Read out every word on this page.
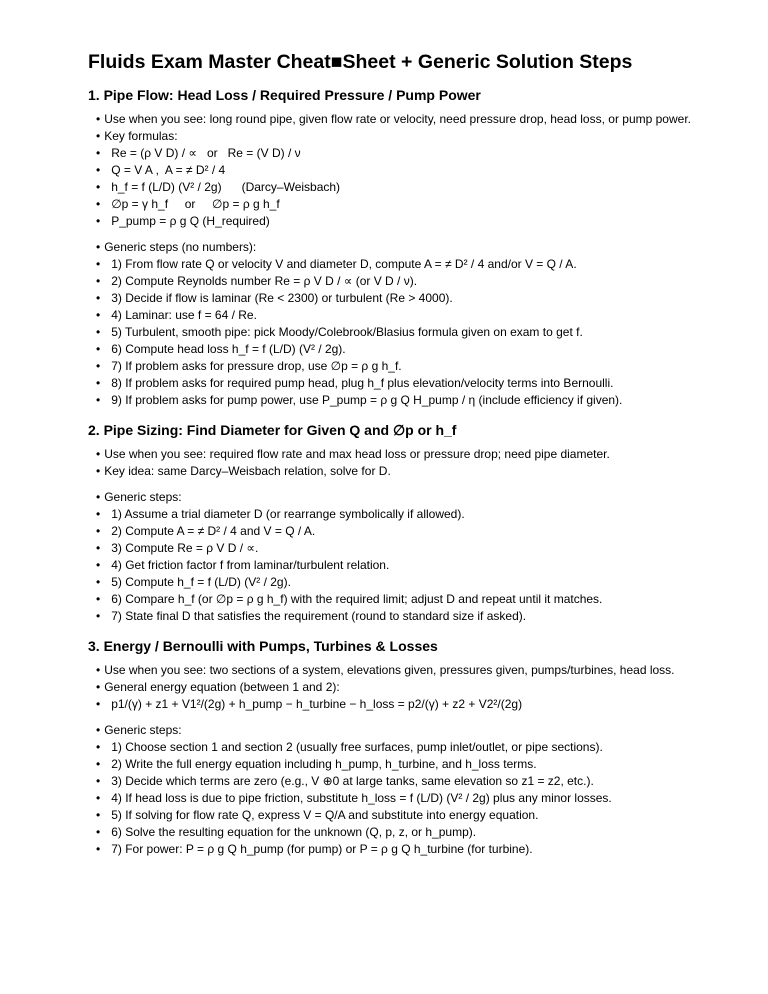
Fluids Exam Master Cheat■Sheet + Generic Solution Steps
1. Pipe Flow: Head Loss / Required Pressure / Pump Power
• Use when you see: long round pipe, given flow rate or velocity, need pressure drop, head loss, or pump power.
• Key formulas:
• Re = (ρ V D) / ∝   or   Re = (V D) / ν
• Q = V A ,  A = ≠ D² / 4
• h_f = f (L/D) (V² / 2g)      (Darcy–Weisbach)
• ∅p = γ h_f     or     ∅p = ρ g h_f
• P_pump = ρ g Q (H_required)
• Generic steps (no numbers):
• 1) From flow rate Q or velocity V and diameter D, compute A = ≠ D² / 4 and/or V = Q / A.
• 2) Compute Reynolds number Re = ρ V D / ∝ (or V D / ν).
• 3) Decide if flow is laminar (Re < 2300) or turbulent (Re > 4000).
• 4) Laminar: use f = 64 / Re.
• 5) Turbulent, smooth pipe: pick Moody/Colebrook/Blasius formula given on exam to get f.
• 6) Compute head loss h_f = f (L/D) (V² / 2g).
• 7) If problem asks for pressure drop, use ∅p = ρ g h_f.
• 8) If problem asks for required pump head, plug h_f plus elevation/velocity terms into Bernoulli.
• 9) If problem asks for pump power, use P_pump = ρ g Q H_pump / η (include efficiency if given).
2. Pipe Sizing: Find Diameter for Given Q and ∅p or h_f
• Use when you see: required flow rate and max head loss or pressure drop; need pipe diameter.
• Key idea: same Darcy–Weisbach relation, solve for D.
• Generic steps:
• 1) Assume a trial diameter D (or rearrange symbolically if allowed).
• 2) Compute A = ≠ D² / 4 and V = Q / A.
• 3) Compute Re = ρ V D / ∝.
• 4) Get friction factor f from laminar/turbulent relation.
• 5) Compute h_f = f (L/D) (V² / 2g).
• 6) Compare h_f (or ∅p = ρ g h_f) with the required limit; adjust D and repeat until it matches.
• 7) State final D that satisfies the requirement (round to standard size if asked).
3. Energy / Bernoulli with Pumps, Turbines & Losses
• Use when you see: two sections of a system, elevations given, pressures given, pumps/turbines, head loss.
• General energy equation (between 1 and 2):
• p1/(γ) + z1 + V1²/(2g) + h_pump − h_turbine − h_loss = p2/(γ) + z2 + V2²/(2g)
• Generic steps:
• 1) Choose section 1 and section 2 (usually free surfaces, pump inlet/outlet, or pipe sections).
• 2) Write the full energy equation including h_pump, h_turbine, and h_loss terms.
• 3) Decide which terms are zero (e.g., V ⊕0 at large tanks, same elevation so z1 = z2, etc.).
• 4) If head loss is due to pipe friction, substitute h_loss = f (L/D) (V² / 2g) plus any minor losses.
• 5) If solving for flow rate Q, express V = Q/A and substitute into energy equation.
• 6) Solve the resulting equation for the unknown (Q, p, z, or h_pump).
• 7) For power: P = ρ g Q h_pump (for pump) or P = ρ g Q h_turbine (for turbine).
